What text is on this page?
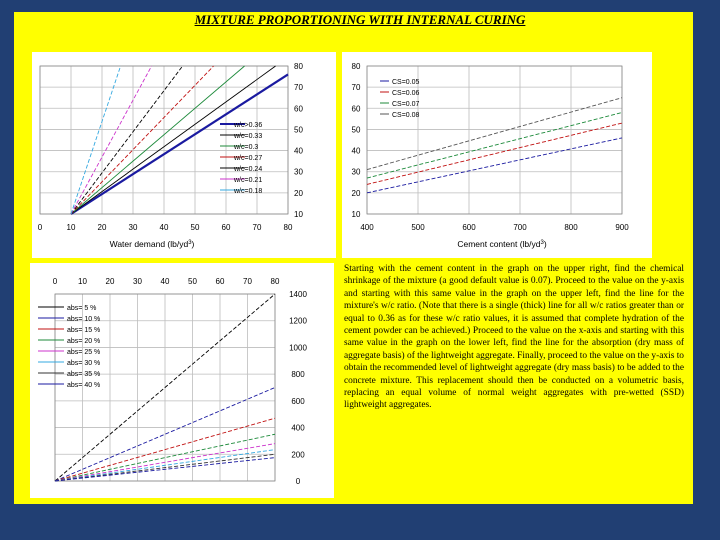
MIXTURE PROPORTIONING WITH INTERNAL CURING
80
70
60
50
40
30
20
10
0	10	20	30	40	50	60	70	80
w/c>0.36
w/c=0.33
w/c=0.3
w/c=0.27
w/c=0.24
w/c=0.21
w/c=0.18
Water demand $(lb/yd^3)$
80
70
60
50
40
30
20
10
400	500	600	700	800	900
CS=0.05
CS=0.06
CS=0.07
CS=0.08
Cement content $(lb/yd^3)$
1400
1200
1000
800
600
400
200
0
0	10 20 30 40 50 60 70 80
abs= 5 %
abs= 10 %
abs= 15 %
abs= 20 %
abs= 25 %
abs= 30 %
abs= 35 %
abs= 40 %
Starting with the cement content in the graph on the upper right, find the chemical shrinkage of the mixture (a good default value is 0.07). Proceed to the value on the y-axis and starting with this same value in the graph on the upper left, find the line for the mixture's w/c ratio. (Note that there is a single (thick) line for all w/c ratios greater than or equal to 0.36 as for these w/c ratio values, it is assumed that complete hydration of the cement powder can be achieved.) Proceed to the value on the x-axis and starting with this same value in the graph on the lower left, find the line for the absorption (dry mass of aggregate basis) of the lightweight aggregate. Finally, proceed to the value on the y-axis to obtain the recommended level of lightweight aggregate (dry mass basis) to be added to the concrete mixture. This replacement should then be conducted on a volumetric basis, replacing an equal volume of normal weight aggregates with pre-wetted (SSD) lightweight aggregates.
